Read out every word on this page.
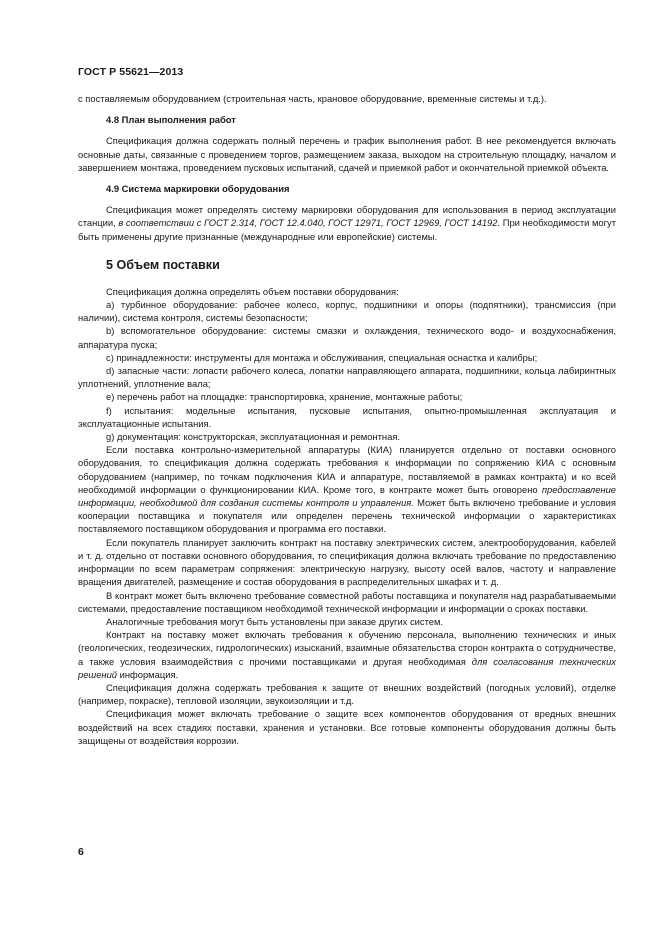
ГОСТ Р 55621—2013

с поставляемым оборудованием (строительная часть, крановое оборудование, временные системы и т.д.).

4.8 План выполнения работ

Спецификация должна содержать полный перечень и график выполнения работ. В нее рекомендуется включать основные даты, связанные с проведением торгов, размещением заказа, выходом на строительную площадку, началом и завершением монтажа, проведением пусковых испытаний, сдачей и приемкой работ и окончательной приемкой объекта.

4.9 Система маркировки оборудования

Спецификация может определять систему маркировки оборудования для использования в период эксплуатации станции, в соответствии с ГОСТ 2.314, ГОСТ 12.4.040, ГОСТ 12971, ГОСТ 12969, ГОСТ 14192. При необходимости могут быть применены другие признанные (международные или европейские) системы.

5 Объем поставки

Спецификация должна определять объем поставки оборудования:

а) турбинное оборудование: рабочее колесо, корпус, подшипники и опоры (подпятники), трансмиссия (при наличии), система контроля, системы безопасности;

b) вспомогательное оборудование: системы смазки и охлаждения, технического водо- и воздухоснабжения, аппаратура пуска;

c) принадлежности: инструменты для монтажа и обслуживания, специальная оснастка и калибры;

d) запасные части: лопасти рабочего колеса, лопатки направляющего аппарата, подшипники, кольца лабиринтных уплотнений, уплотнение вала;

е) перечень работ на площадке: транспортировка, хранение, монтажные работы;

f) испытания: модельные испытания, пусковые испытания, опытно-промышленная эксплуатация и эксплуатационные испытания.

g) документация: конструкторская, эксплуатационная и ремонтная.

Если поставка контрольно-измерительной аппаратуры (КИА) планируется отдельно от поставки основного оборудования, то спецификация должна содержать требования к информации по сопряжению КИА с основным оборудованием (например, по точкам подключения КИА и аппаратуре, поставляемой в рамках контракта) и ко всей необходимой информации о функционировании КИА. Кроме того, в контракте может быть оговорено предоставление информации, необходимой для создания системы контроля и управления. Может быть включено требование и условия кооперации поставщика и покупателя или определен перечень технической информации о характеристиках поставляемого поставщиком оборудования и программа его поставки.

Если покупатель планирует заключить контракт на поставку электрических систем, электрооборудования, кабелей и т. д. отдельно от поставки основного оборудования, то спецификация должна включать требование по предоставлению информации по всем параметрам сопряжения: электрическую нагрузку, высоту осей валов, частоту и направление вращения двигателей, размещение и состав оборудования в распределительных шкафах и т. д.

В контракт может быть включено требование совместной работы поставщика и покупателя над разрабатываемыми системами, предоставление поставщиком необходимой технической информации и информации о сроках поставки.

Аналогичные требования могут быть установлены при заказе других систем.

Контракт на поставку может включать требования к обучению персонала, выполнению технических и иных (геологических, геодезических, гидрологических) изысканий, взаимные обязательства сторон контракта о сотрудничестве, а также условия взаимодействия с прочими поставщиками и другая необходимая для согласования технических решений информация.

Спецификация должна содержать требования к защите от внешних воздействий (погодных условий), отделке (например, покраске), тепловой изоляции, звукоизоляции и т.д.

Спецификация может включать требование о защите всех компонентов оборудования от вредных внешних воздействий на всех стадиях поставки, хранения и установки. Все готовые компоненты оборудования должны быть защищены от воздействия коррозии.

6
